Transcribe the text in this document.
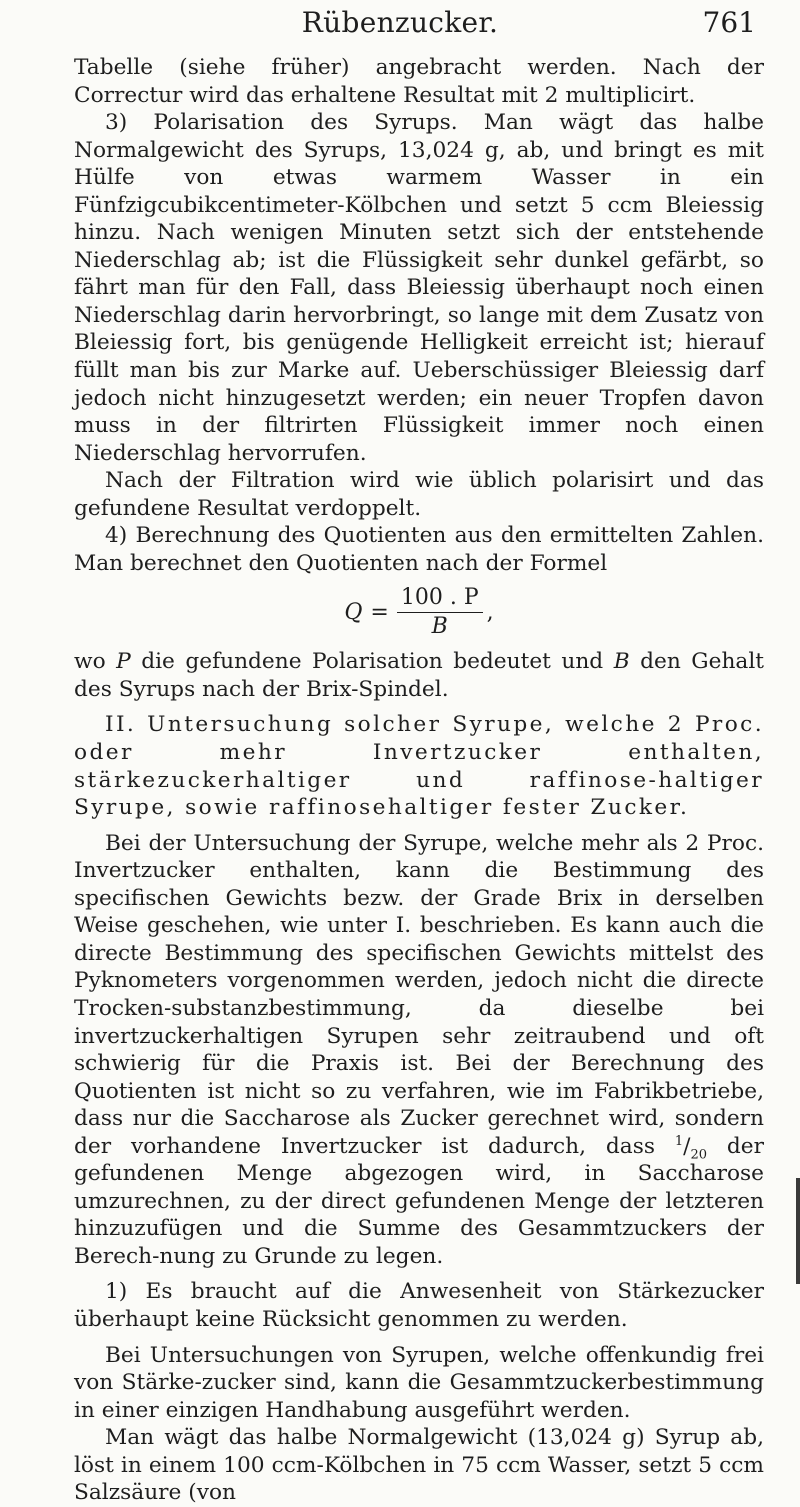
Rübenzucker.	761

Tabelle (siehe früher) angebracht werden. Nach der Correctur wird das erhaltene Resultat mit 2 multiplicirt.

3) Polarisation des Syrups. Man wägt das halbe Normalgewicht des Syrups, 13,024 g, ab, und bringt es mit Hülfe von etwas warmem Wasser in ein Fünfzigcubikcentimeter-Kölbchen und setzt 5 ccm Bleiessig hinzu. Nach wenigen Minuten setzt sich der entstehende Niederschlag ab; ist die Flüssigkeit sehr dunkel gefärbt, so fährt man für den Fall, dass Bleiessig überhaupt noch einen Niederschlag darin hervorbringt, so lange mit dem Zusatz von Bleiessig fort, bis genügende Helligkeit erreicht ist; hierauf füllt man bis zur Marke auf. Ueberschüssiger Bleiessig darf jedoch nicht hinzugesetzt werden; ein neuer Tropfen davon muss in der filtrirten Flüssigkeit immer noch einen Niederschlag hervorrufen.

Nach der Filtration wird wie üblich polarisirt und das gefundene Resultat verdoppelt.

4) Berechnung des Quotienten aus den ermittelten Zahlen. Man berechnet den Quotienten nach der Formel

$Q = \frac{100 . P}{B}$ ,

wo P die gefundene Polarisation bedeutet und B den Gehalt des Syrups nach der Brix-Spindel.

II. Untersuchung solcher Syrupe, welche 2 Proc. oder mehr Invertzucker enthalten, stärkezuckerhaltiger und raffinose-haltiger Syrupe, sowie raffinosehaltiger fester Zucker.

Bei der Untersuchung der Syrupe, welche mehr als 2 Proc. Invertzucker enthalten, kann die Bestimmung des specifischen Gewichts bezw. der Grade Brix in derselben Weise geschehen, wie unter I. beschrieben. Es kann auch die directe Bestimmung des specifischen Gewichts mittelst des Pyknometers vorgenommen werden, jedoch nicht die directe Trocken-substanzbestimmung, da dieselbe bei invertzuckerhaltigen Syrupen sehr zeitraubend und oft schwierig für die Praxis ist. Bei der Berechnung des Quotienten ist nicht so zu verfahren, wie im Fabrikbetriebe, dass nur die Saccharose als Zucker gerechnet wird, sondern der vorhandene Invertzucker ist dadurch, dass $^1/_{20}$ der gefundenen Menge abgezogen wird, in Saccharose umzurechnen, zu der direct gefundenen Menge der letzteren hinzuzufügen und die Summe des Gesammtzuckers der Berech-nung zu Grunde zu legen.

1) Es braucht auf die Anwesenheit von Stärkezucker überhaupt keine Rücksicht genommen zu werden.

Bei Untersuchungen von Syrupen, welche offenkundig frei von Stärke-zucker sind, kann die Gesammtzuckerbestimmung in einer einzigen Handhabung ausgeführt werden.

Man wägt das halbe Normalgewicht (13,024 g) Syrup ab, löst in einem 100 ccm-Kölbchen in 75 ccm Wasser, setzt 5 ccm Salzsäure (von
